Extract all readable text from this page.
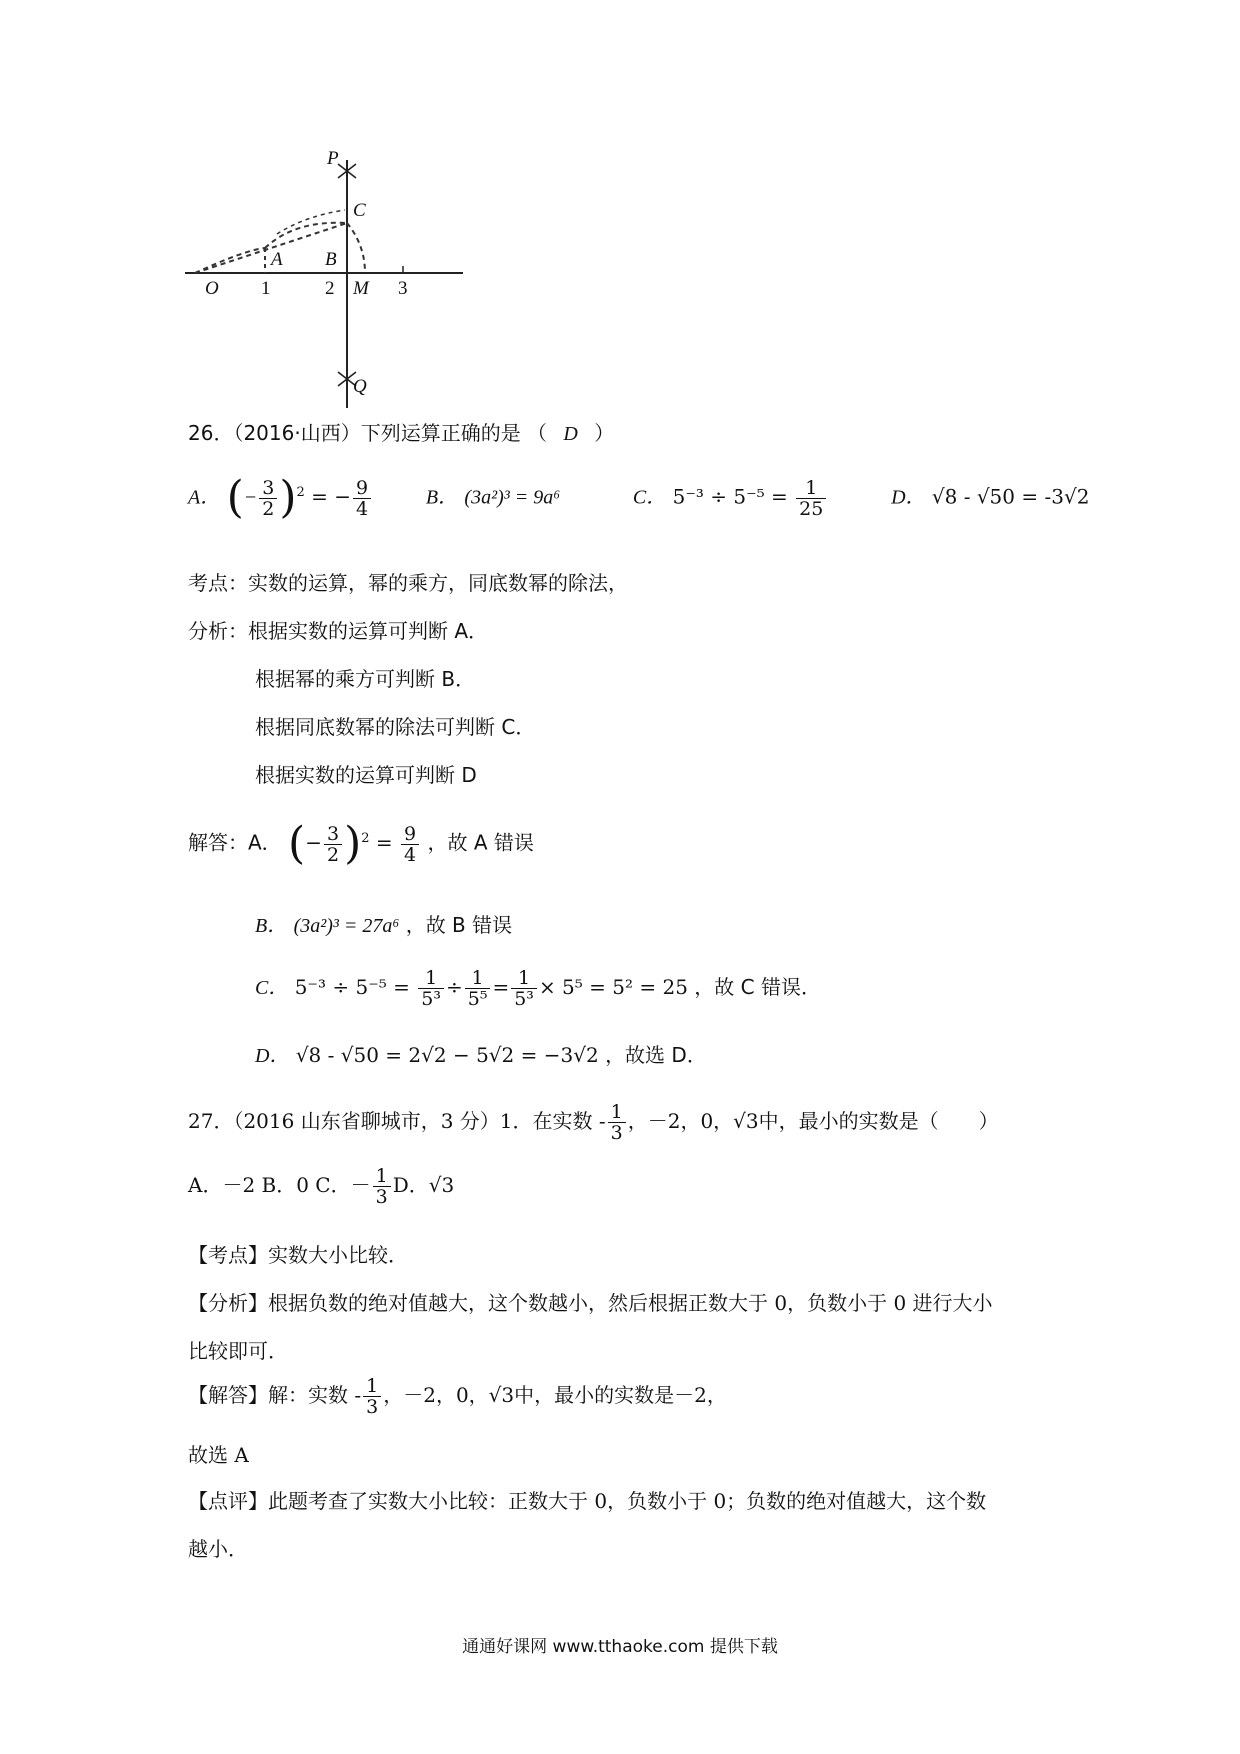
P
C
A B
O 1	2 M 3
Q
26．（2016·山西）下列运算正确的是 （ D ）
A． (− $\frac{3}{2} )^2$ = − $\frac{9}{4}$	B． (3a²)³ = 9a⁶	C． $5^{-3} \div 5^{-5} = \frac{1}{25}$	D． √8 - √50 = -3√2
考点：实数的运算，幂的乘方，同底数幂的除法，
分析：根据实数的运算可判断 A．
根据幂的乘方可判断 B．
根据同底数幂的除法可判断 C．
根据实数的运算可判断 D
解答：A． (− $\frac{3}{2} )^2 = \frac{9}{4}$ ，故 A 错误
B． (3a²)³ = 27a⁶ ，故 B 错误
C． $5^{-3} \div 5^{-5} = \frac{1}{\text{5³}} \div \frac{1}{\text{5⁵}} = \frac{1}{\text{5³}} \times 5^5 = 5^2 = 25$ ，故 C 错误．
D． √8 - √50 = 2√2 − 5√2 = −3√2 ，故选 D．
27．（2016 山东省聊城市，3 分）1．在实数 - $\frac{1}{3}$ ，－2，0，√3中，最小的实数是（　　）
A．－2 B．0 C．－ $\frac{1}{3}$ D．√3
【考点】实数大小比较．
【分析】根据负数的绝对值越大，这个数越小，然后根据正数大于 0，负数小于 0 进行大小
比较即可．
【解答】解：实数 - $\frac{1}{3}$ ，－2，0，√3中，最小的实数是－2，
故选 A
【点评】此题考查了实数大小比较：正数大于 0，负数小于 0；负数的绝对值越大，这个数
越小．
通通好课网 www.tthaoke.com 提供下载
